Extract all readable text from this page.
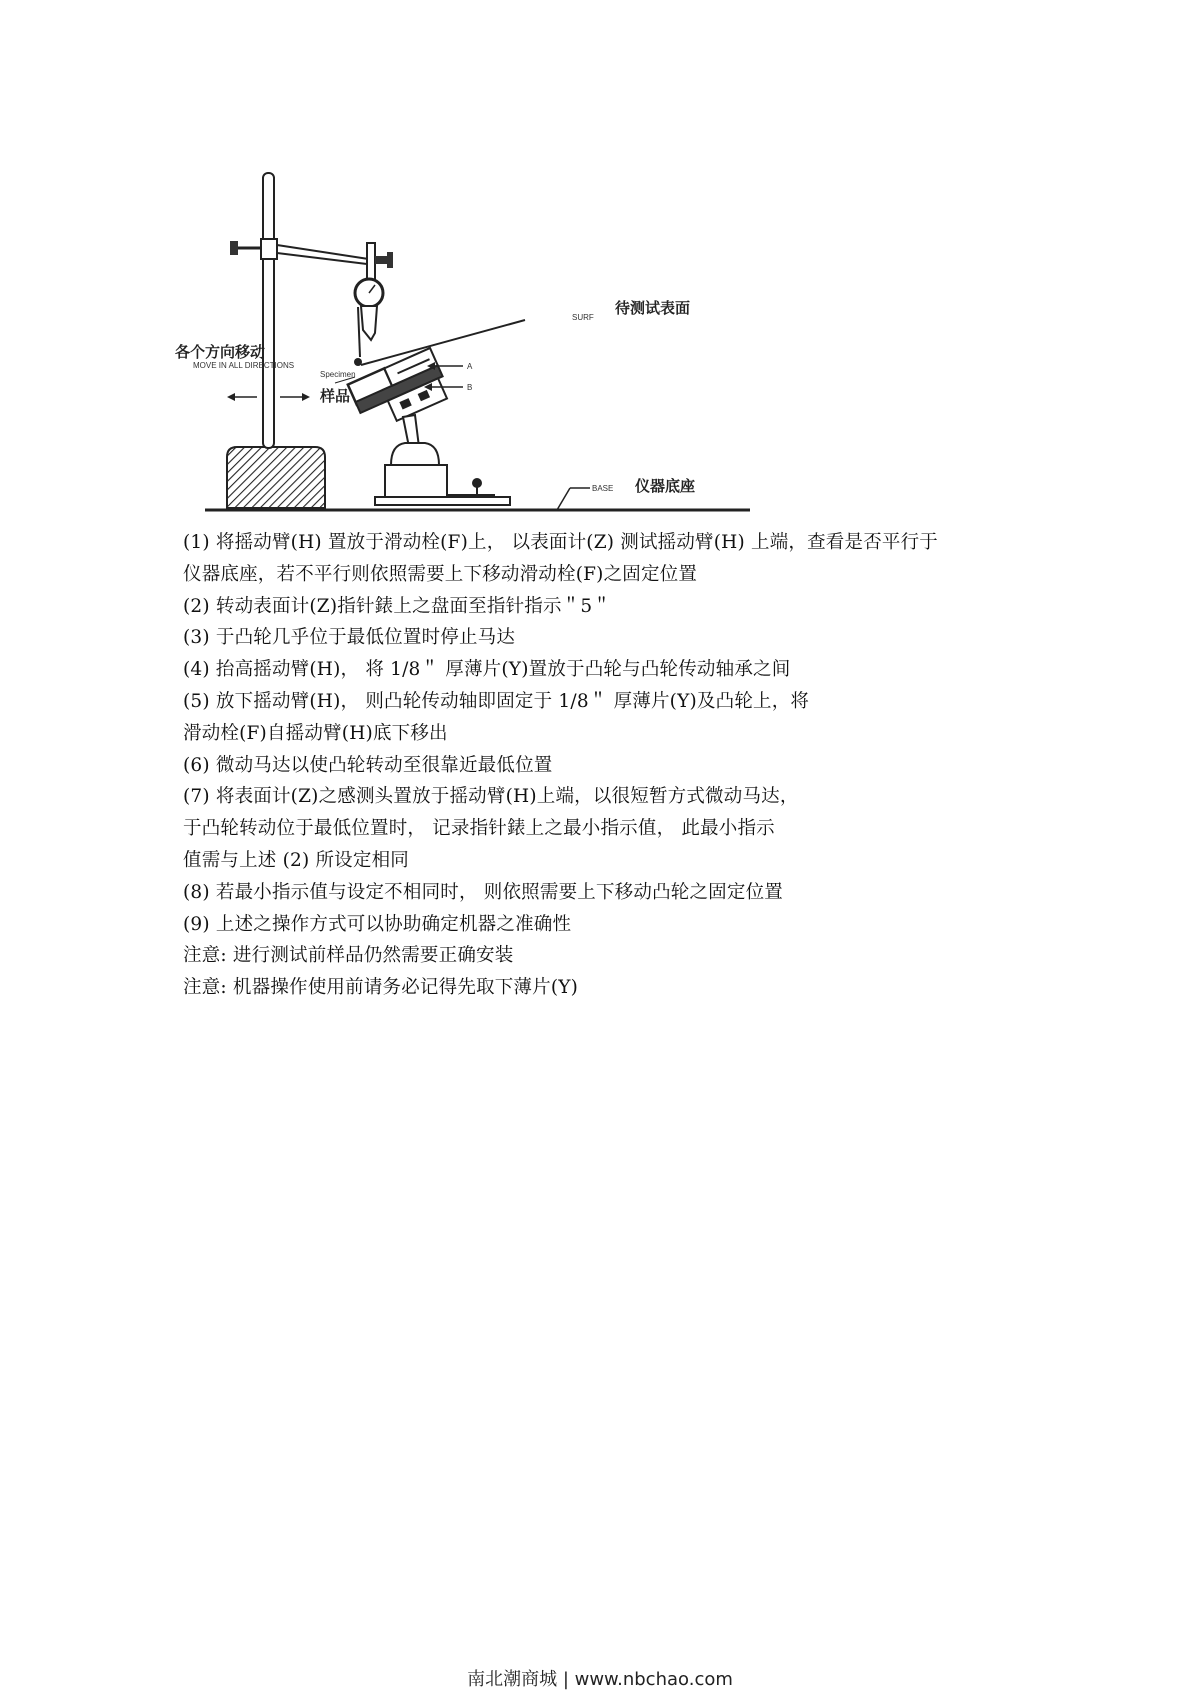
各个方向移动
MOVE IN ALL DIRECTIONS
SURF
待测试表面
Specimen
样品
A
B
BASE 仪器底座
(1) 将摇动臂(H) 置放于滑动栓(F)上， 以表面计(Z) 测试摇动臂(H) 上端，查看是否平行于
仪器底座，若不平行则依照需要上下移动滑动栓(F)之固定位置
(2) 转动表面计(Z)指针錶上之盘面至指针指示＂5＂
(3) 于凸轮几乎位于最低位置时停止马达
(4) 抬高摇动臂(H)， 将 1/8＂ 厚薄片(Y)置放于凸轮与凸轮传动轴承之间
(5) 放下摇动臂(H)， 则凸轮传动轴即固定于 1/8＂ 厚薄片(Y)及凸轮上，将
滑动栓(F)自摇动臂(H)底下移出
(6) 微动马达以使凸轮转动至很靠近最低位置
(7) 将表面计(Z)之感测头置放于摇动臂(H)上端，以很短暂方式微动马达，
于凸轮转动位于最低位置时， 记录指针錶上之最小指示值， 此最小指示
值需与上述 (2) 所设定相同
(8) 若最小指示值与设定不相同时， 则依照需要上下移动凸轮之固定位置
(9) 上述之操作方式可以协助确定机器之准确性
注意: 进行测试前样品仍然需要正确安装
注意: 机器操作使用前请务必记得先取下薄片(Y)
南北潮商城 | www.nbchao.com
